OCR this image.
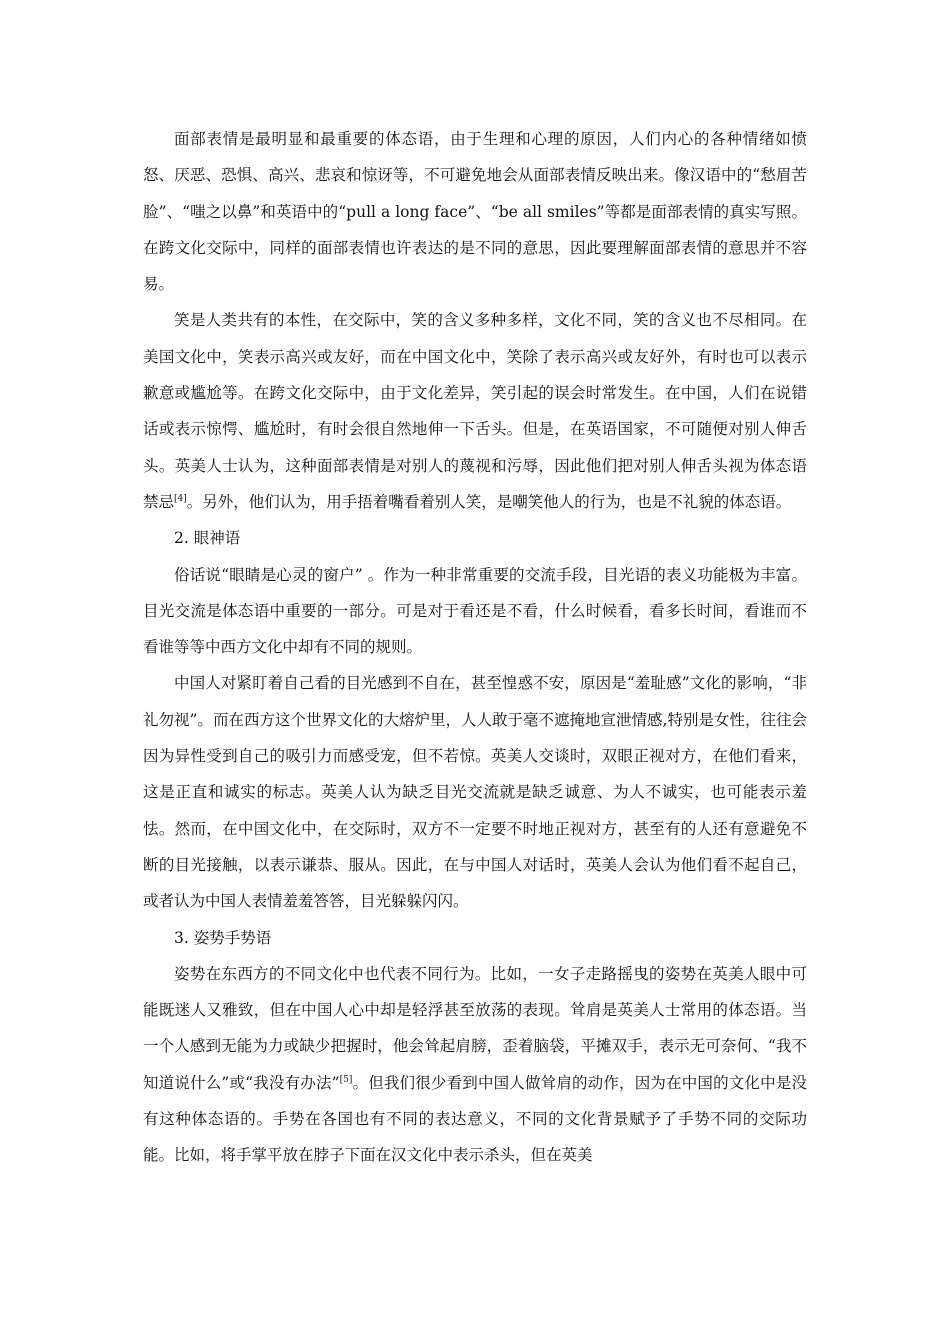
面部表情是最明显和最重要的体态语，由于生理和心理的原因，人们内心的各种情绪如愤怒、厌恶、恐惧、高兴、悲哀和惊讶等，不可避免地会从面部表情反映出来。像汉语中的“愁眉苦脸”、“嗤之以鼻”和英语中的“pull a long face”、“be all smiles”等都是面部表情的真实写照。在跨文化交际中，同样的面部表情也许表达的是不同的意思，因此要理解面部表情的意思并不容易。

笑是人类共有的本性，在交际中，笑的含义多种多样，文化不同，笑的含义也不尽相同。在美国文化中，笑表示高兴或友好，而在中国文化中，笑除了表示高兴或友好外，有时也可以表示歉意或尴尬等。在跨文化交际中，由于文化差异，笑引起的误会时常发生。在中国，人们在说错话或表示惊愕、尴尬时，有时会很自然地伸一下舌头。但是，在英语国家，不可随便对别人伸舌头。英美人士认为，这种面部表情是对别人的蔑视和污辱，因此他们把对别人伸舌头视为体态语禁忌[4]。另外，他们认为，用手捂着嘴看着别人笑，是嘲笑他人的行为，也是不礼貌的体态语。

2. 眼神语

俗话说“眼睛是心灵的窗户” 。作为一种非常重要的交流手段，目光语的表义功能极为丰富。目光交流是体态语中重要的一部分。可是对于看还是不看，什么时候看，看多长时间，看谁而不看谁等等中西方文化中却有不同的规则。

中国人对紧盯着自己看的目光感到不自在，甚至惶惑不安，原因是“羞耻感”文化的影响，“非礼勿视”。而在西方这个世界文化的大熔炉里，人人敢于毫不遮掩地宣泄情感,特别是女性，往往会因为异性受到自己的吸引力而感受宠，但不若惊。英美人交谈时，双眼正视对方，在他们看来，这是正直和诚实的标志。英美人认为缺乏目光交流就是缺乏诚意、为人不诚实，也可能表示羞怯。然而，在中国文化中，在交际时，双方不一定要不时地正视对方，甚至有的人还有意避免不断的目光接触，以表示谦恭、服从。因此，在与中国人对话时，英美人会认为他们看不起自己，或者认为中国人表情羞羞答答，目光躲躲闪闪。

3. 姿势手势语

姿势在东西方的不同文化中也代表不同行为。比如，一女子走路摇曳的姿势在英美人眼中可能既迷人又雅致，但在中国人心中却是轻浮甚至放荡的表现。耸肩是英美人士常用的体态语。当一个人感到无能为力或缺少把握时，他会耸起肩膀，歪着脑袋，平摊双手，表示无可奈何、“我不知道说什么”或“我没有办法”[5]。但我们很少看到中国人做耸肩的动作，因为在中国的文化中是没有这种体态语的。手势在各国也有不同的表达意义，不同的文化背景赋予了手势不同的交际功能。比如，将手掌平放在脖子下面在汉文化中表示杀头，但在英美
